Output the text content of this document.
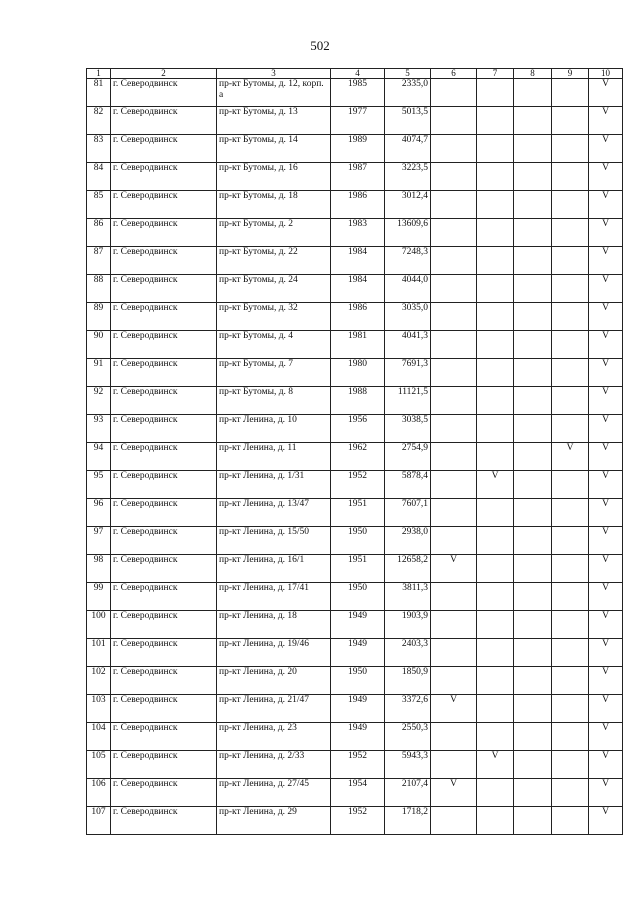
502
1	2	3	4	5	6	7	8	9	10
81	г. Северодвинск	пр-кт Бутомы, д. 12, корп. а	1985	2335,0					V
82	г. Северодвинск	пр-кт Бутомы, д. 13	1977	5013,5					V
83	г. Северодвинск	пр-кт Бутомы, д. 14	1989	4074,7					V
84	г. Северодвинск	пр-кт Бутомы, д. 16	1987	3223,5					V
85	г. Северодвинск	пр-кт Бутомы, д. 18	1986	3012,4					V
86	г. Северодвинск	пр-кт Бутомы, д. 2	1983	13609,6					V
87	г. Северодвинск	пр-кт Бутомы, д. 22	1984	7248,3					V
88	г. Северодвинск	пр-кт Бутомы, д. 24	1984	4044,0					V
89	г. Северодвинск	пр-кт Бутомы, д. 32	1986	3035,0					V
90	г. Северодвинск	пр-кт Бутомы, д. 4	1981	4041,3					V
91	г. Северодвинск	пр-кт Бутомы, д. 7	1980	7691,3					V
92	г. Северодвинск	пр-кт Бутомы, д. 8	1988	11121,5					V
93	г. Северодвинск	пр-кт Ленина, д. 10	1956	3038,5					V
94	г. Северодвинск	пр-кт Ленина, д. 11	1962	2754,9				V	V
95	г. Северодвинск	пр-кт Ленина, д. 1/31	1952	5878,4		V			V
96	г. Северодвинск	пр-кт Ленина, д. 13/47	1951	7607,1					V
97	г. Северодвинск	пр-кт Ленина, д. 15/50	1950	2938,0					V
98	г. Северодвинск	пр-кт Ленина, д. 16/1	1951	12658,2	V				V
99	г. Северодвинск	пр-кт Ленина, д. 17/41	1950	3811,3					V
100	г. Северодвинск	пр-кт Ленина, д. 18	1949	1903,9					V
101	г. Северодвинск	пр-кт Ленина, д. 19/46	1949	2403,3					V
102	г. Северодвинск	пр-кт Ленина, д. 20	1950	1850,9					V
103	г. Северодвинск	пр-кт Ленина, д. 21/47	1949	3372,6	V				V
104	г. Северодвинск	пр-кт Ленина, д. 23	1949	2550,3					V
105	г. Северодвинск	пр-кт Ленина, д. 2/33	1952	5943,3		V			V
106	г. Северодвинск	пр-кт Ленина, д. 27/45	1954	2107,4	V				V
107	г. Северодвинск	пр-кт Ленина, д. 29	1952	1718,2					V
